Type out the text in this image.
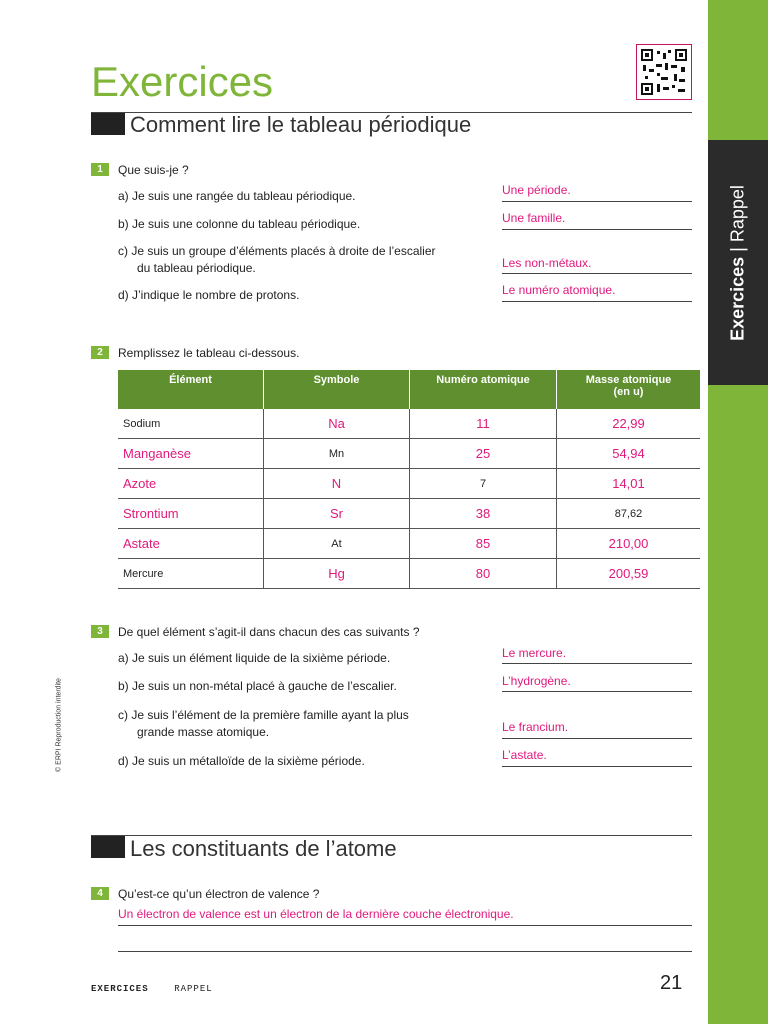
Exercices | Rappel
Exercices
Comment lire le tableau périodique
1	Que suis-je ?
a) Je suis une rangée du tableau périodique.	Une période.
b) Je suis une colonne du tableau périodique.	Une famille.
c) Je suis un groupe d’éléments placés à droite de l’escalier
du tableau périodique.	Les non-métaux.
d) J’indique le nombre de protons.	Le numéro atomique.
2	Remplissez le tableau ci-dessous.
Élément	Symbole	Numéro atomique	Masse atomique
(en u)
Sodium	Na	11	22,99
Manganèse	Mn	25	54,94
Azote	N	7	14,01
Strontium	Sr	38	87,62
Astate	At	85	210,00
Mercure	Hg	80	200,59
3	De quel élément s’agit-il dans chacun des cas suivants ?
a) Je suis un élément liquide de la sixième période.	Le mercure.
b) Je suis un non-métal placé à gauche de l’escalier.	L’hydrogène.
c) Je suis l’élément de la première famille ayant la plus
grande masse atomique.	Le francium.
d) Je suis un métalloïde de la sixième période.	L’astate.
Les constituants de l’atome
4	Qu’est-ce qu’un électron de valence ?
Un électron de valence est un électron de la dernière couche électronique.
© ERPI Reproduction interdite
EXERCICES	RAPPEL	21
